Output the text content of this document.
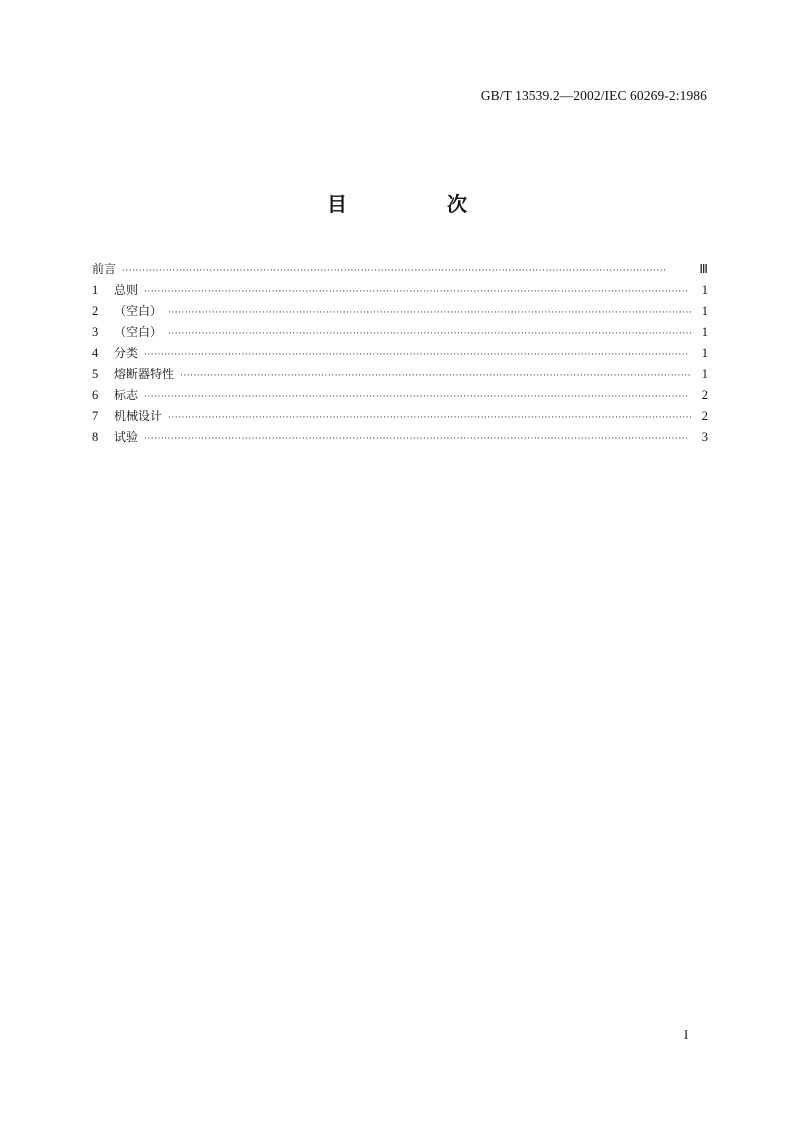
GB/T 13539.2—2002/IEC 60269-2:1986
目　次
前言 ·····	Ⅲ
1	总则 ·····	1
2	（空白） ·····	1
3	（空白） ·····	1
4	分类 ·····	1
5	熔断器特性 ·····	1
6	标志 ·····	2
7	机械设计 ·····	2
8	试验 ·····	3
I
